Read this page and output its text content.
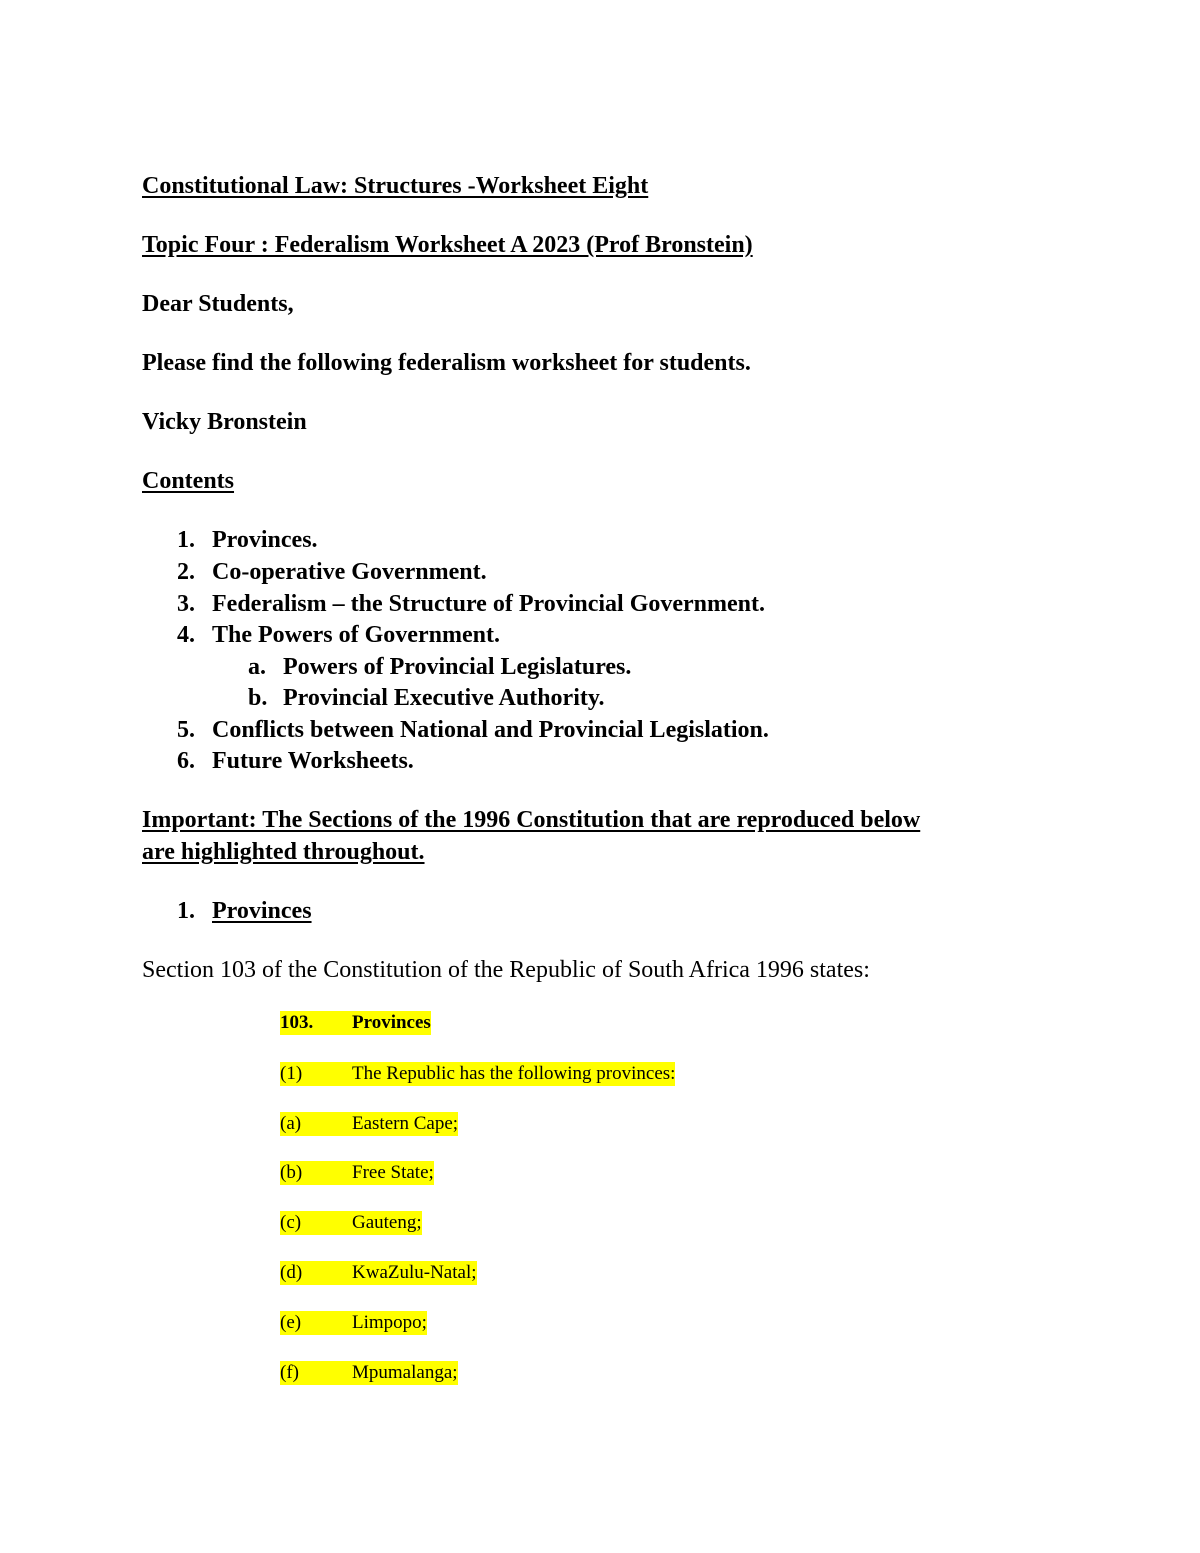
Constitutional Law: Structures -Worksheet Eight
Topic Four : Federalism Worksheet A 2023 (Prof Bronstein)
Dear Students,
Please find the following federalism worksheet for students.
Vicky Bronstein
Contents
1. Provinces.
2. Co-operative Government.
3. Federalism – the Structure of Provincial Government.
4. The Powers of Government.
a. Powers of Provincial Legislatures.
b. Provincial Executive Authority.
5. Conflicts between National and Provincial Legislation.
6. Future Worksheets.
Important: The Sections of the 1996 Constitution that are reproduced below
are highlighted throughout.
1. Provinces
Section 103 of the Constitution of the Republic of South Africa 1996 states:
103. Provinces
(1)	The Republic has the following provinces:
(a)	Eastern Cape;
(b)	Free State;
(c)	Gauteng;
(d)	KwaZulu-Natal;
(e)	Limpopo;
(f)	Mpumalanga;
